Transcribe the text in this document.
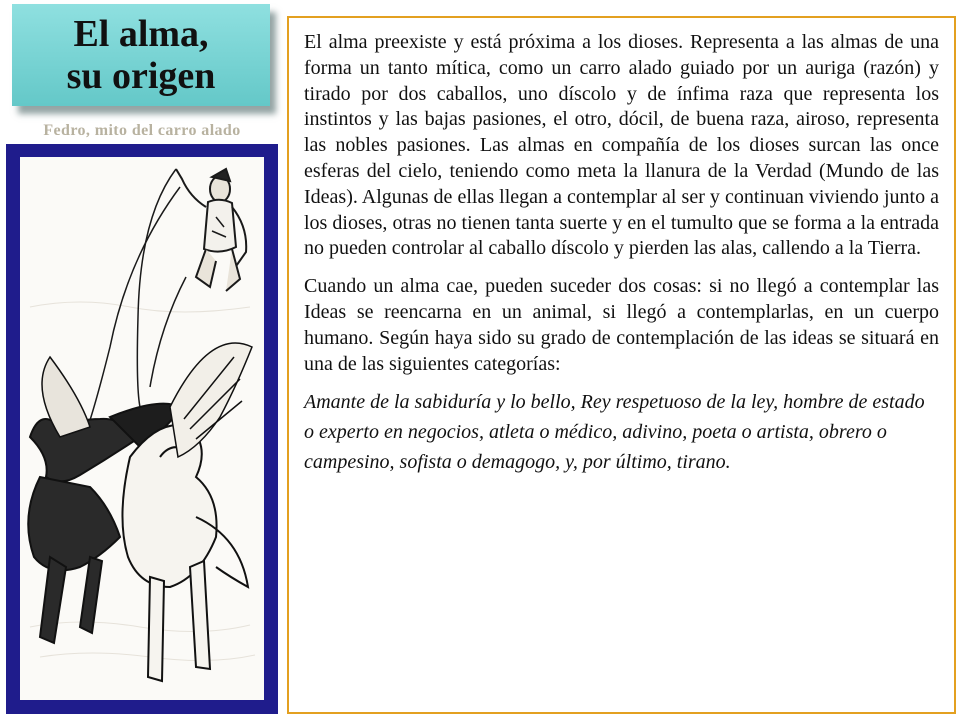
El alma,
su origen
Fedro, mito del carro alado

El alma preexiste y está próxima a los dioses. Representa a las almas de una forma un tanto mítica, como un carro alado guiado por un auriga (razón) y tirado por dos caballos, uno díscolo y de ínfima raza que representa los instintos y las bajas pasiones, el otro, dócil, de buena raza, airoso, representa las nobles pasiones. Las almas en compañía de los dioses surcan las once esferas del cielo, teniendo como meta la llanura de la Verdad (Mundo de las Ideas). Algunas de ellas llegan a contemplar al ser y continuan viviendo junto a los dioses, otras no tienen tanta suerte y en el tumulto que se forma a la entrada no pueden controlar al caballo díscolo y pierden las alas, callendo a la Tierra.

Cuando un alma cae, pueden suceder dos cosas: si no llegó a contemplar las Ideas se reencarna en un animal, si llegó a contemplarlas, en un cuerpo humano. Según haya sido su grado de contemplación de las ideas se situará en una de las siguientes categorías:

Amante de la sabiduría y lo bello, Rey respetuoso de la ley, hombre de estado o experto en negocios, atleta o médico, adivino, poeta o artista, obrero o campesino, sofista o demagogo, y, por último, tirano.
